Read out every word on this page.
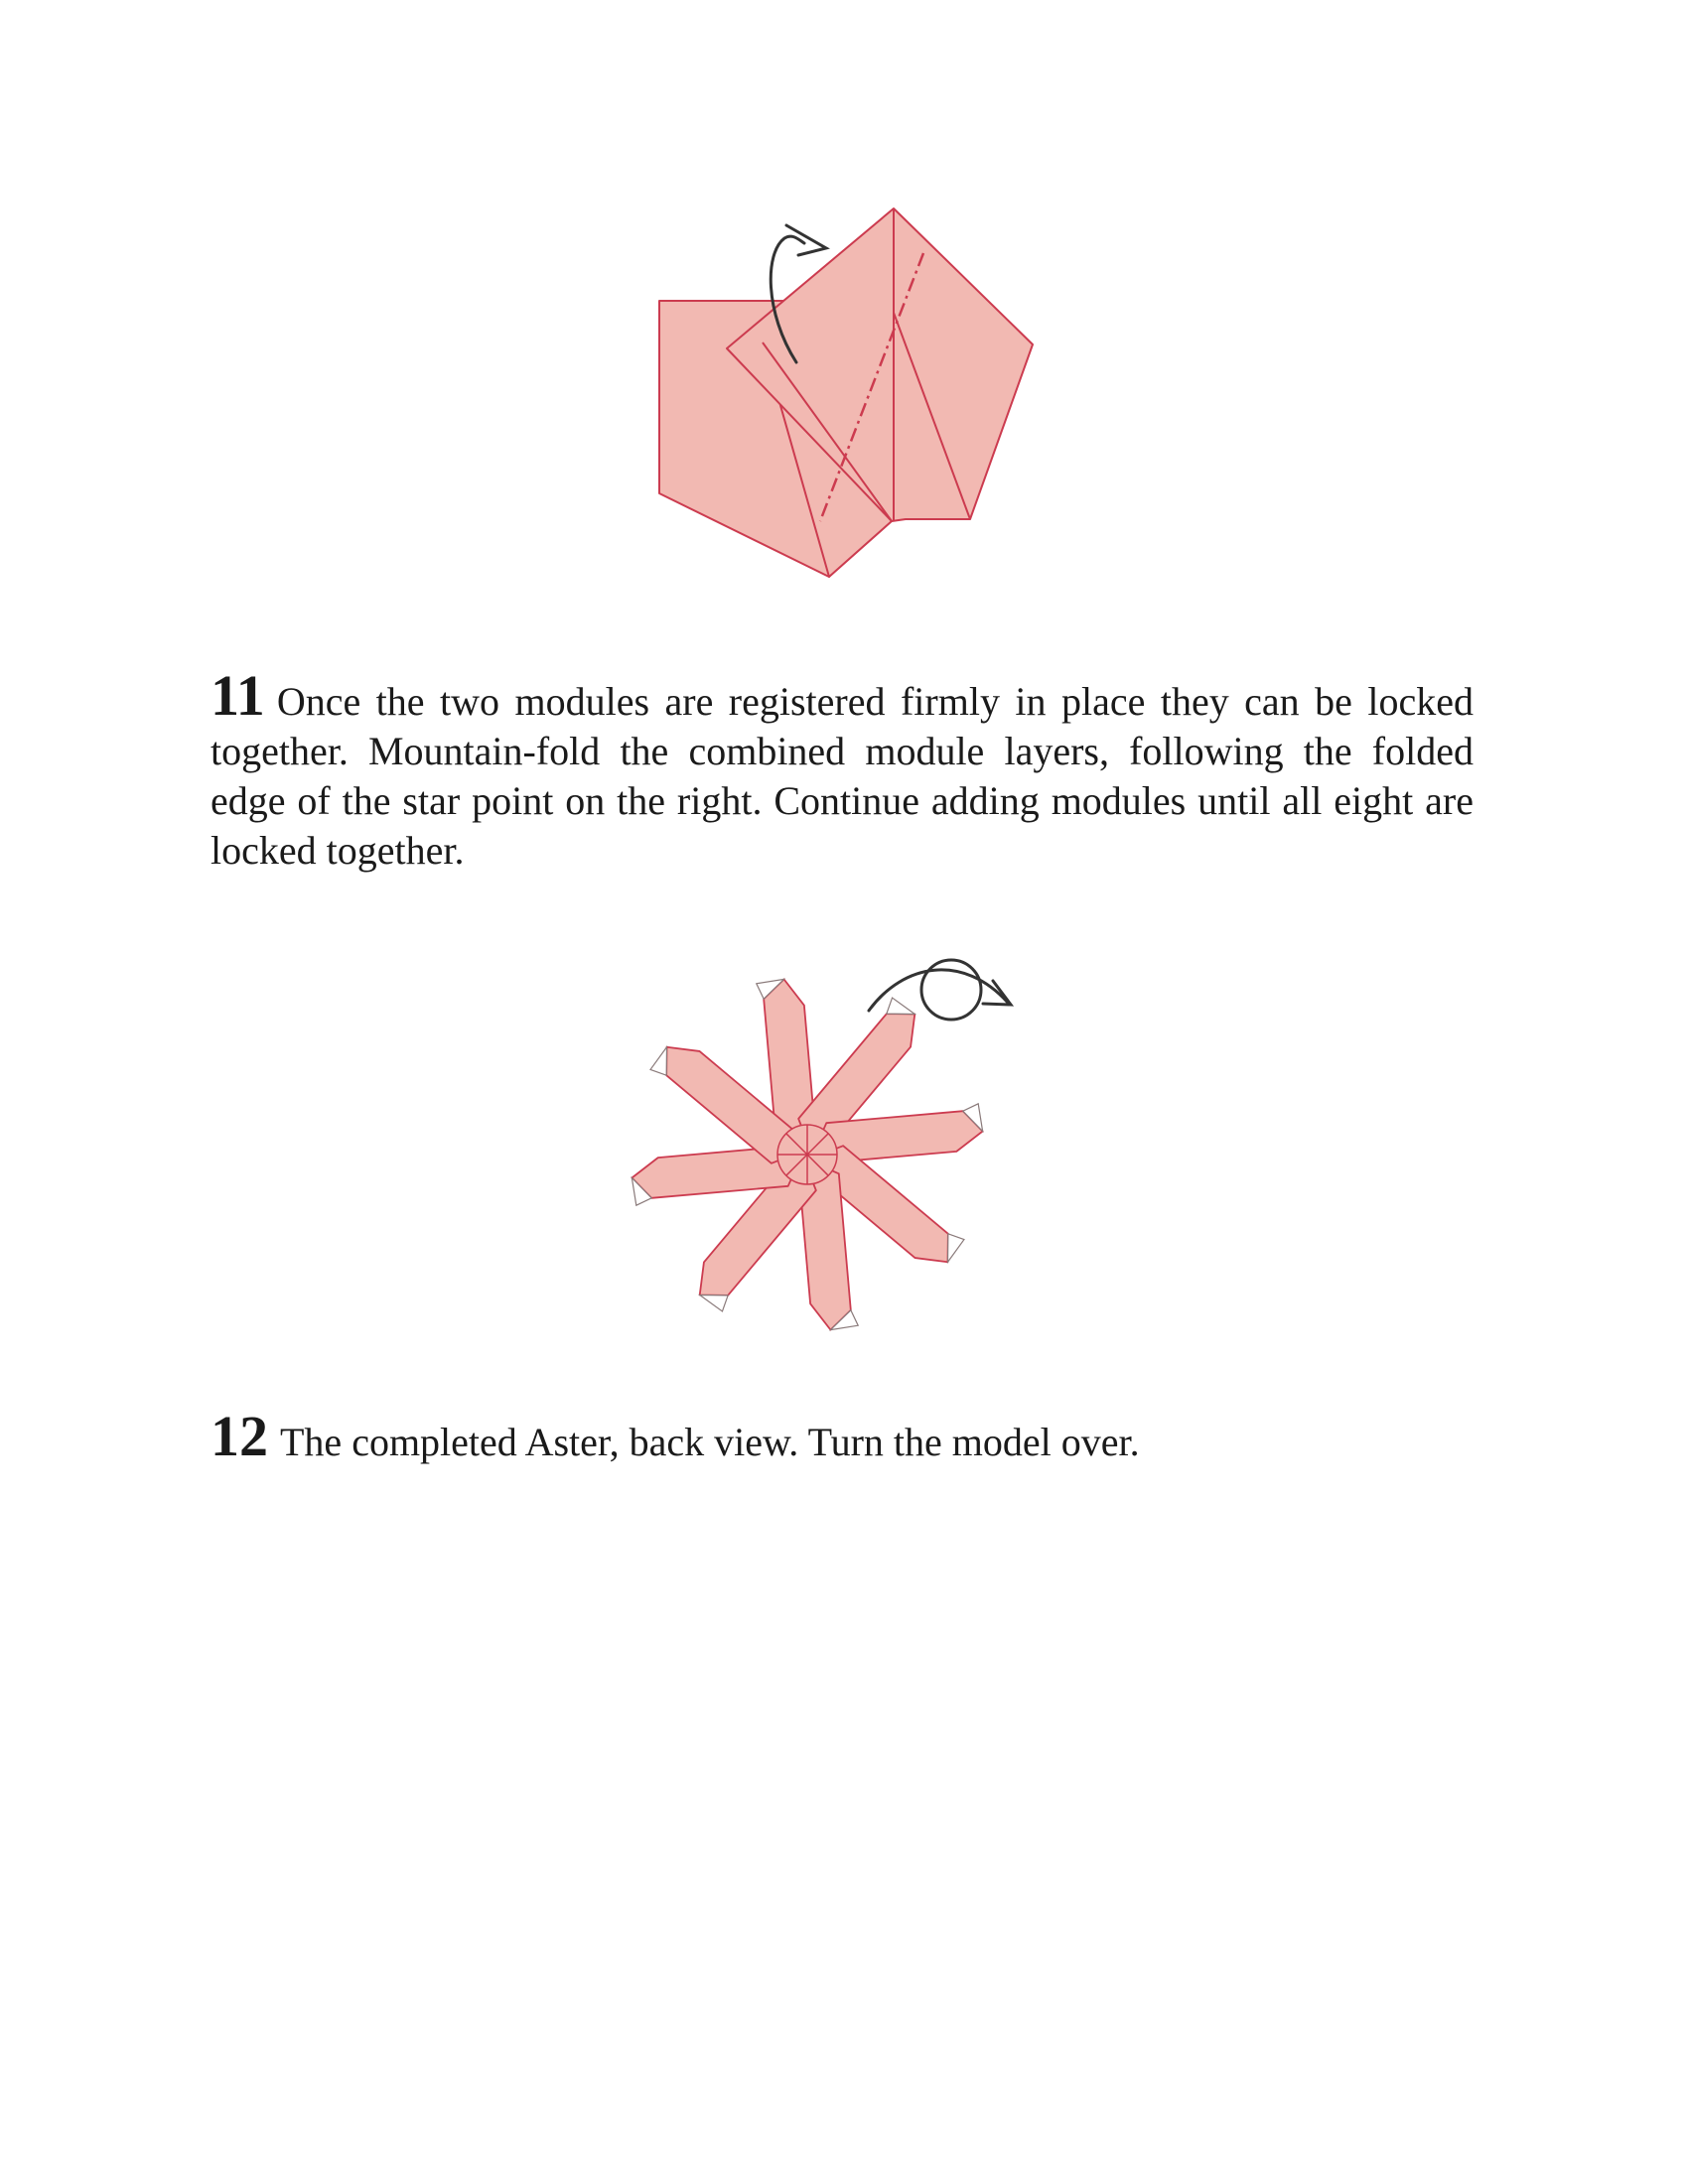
11 Once the two modules are registered firmly in place they can be locked together. Mountain-fold the combined module layers, following the folded edge of the star point on the right. Continue adding modules until all eight are locked together.
12 The completed Aster, back view. Turn the model over.
